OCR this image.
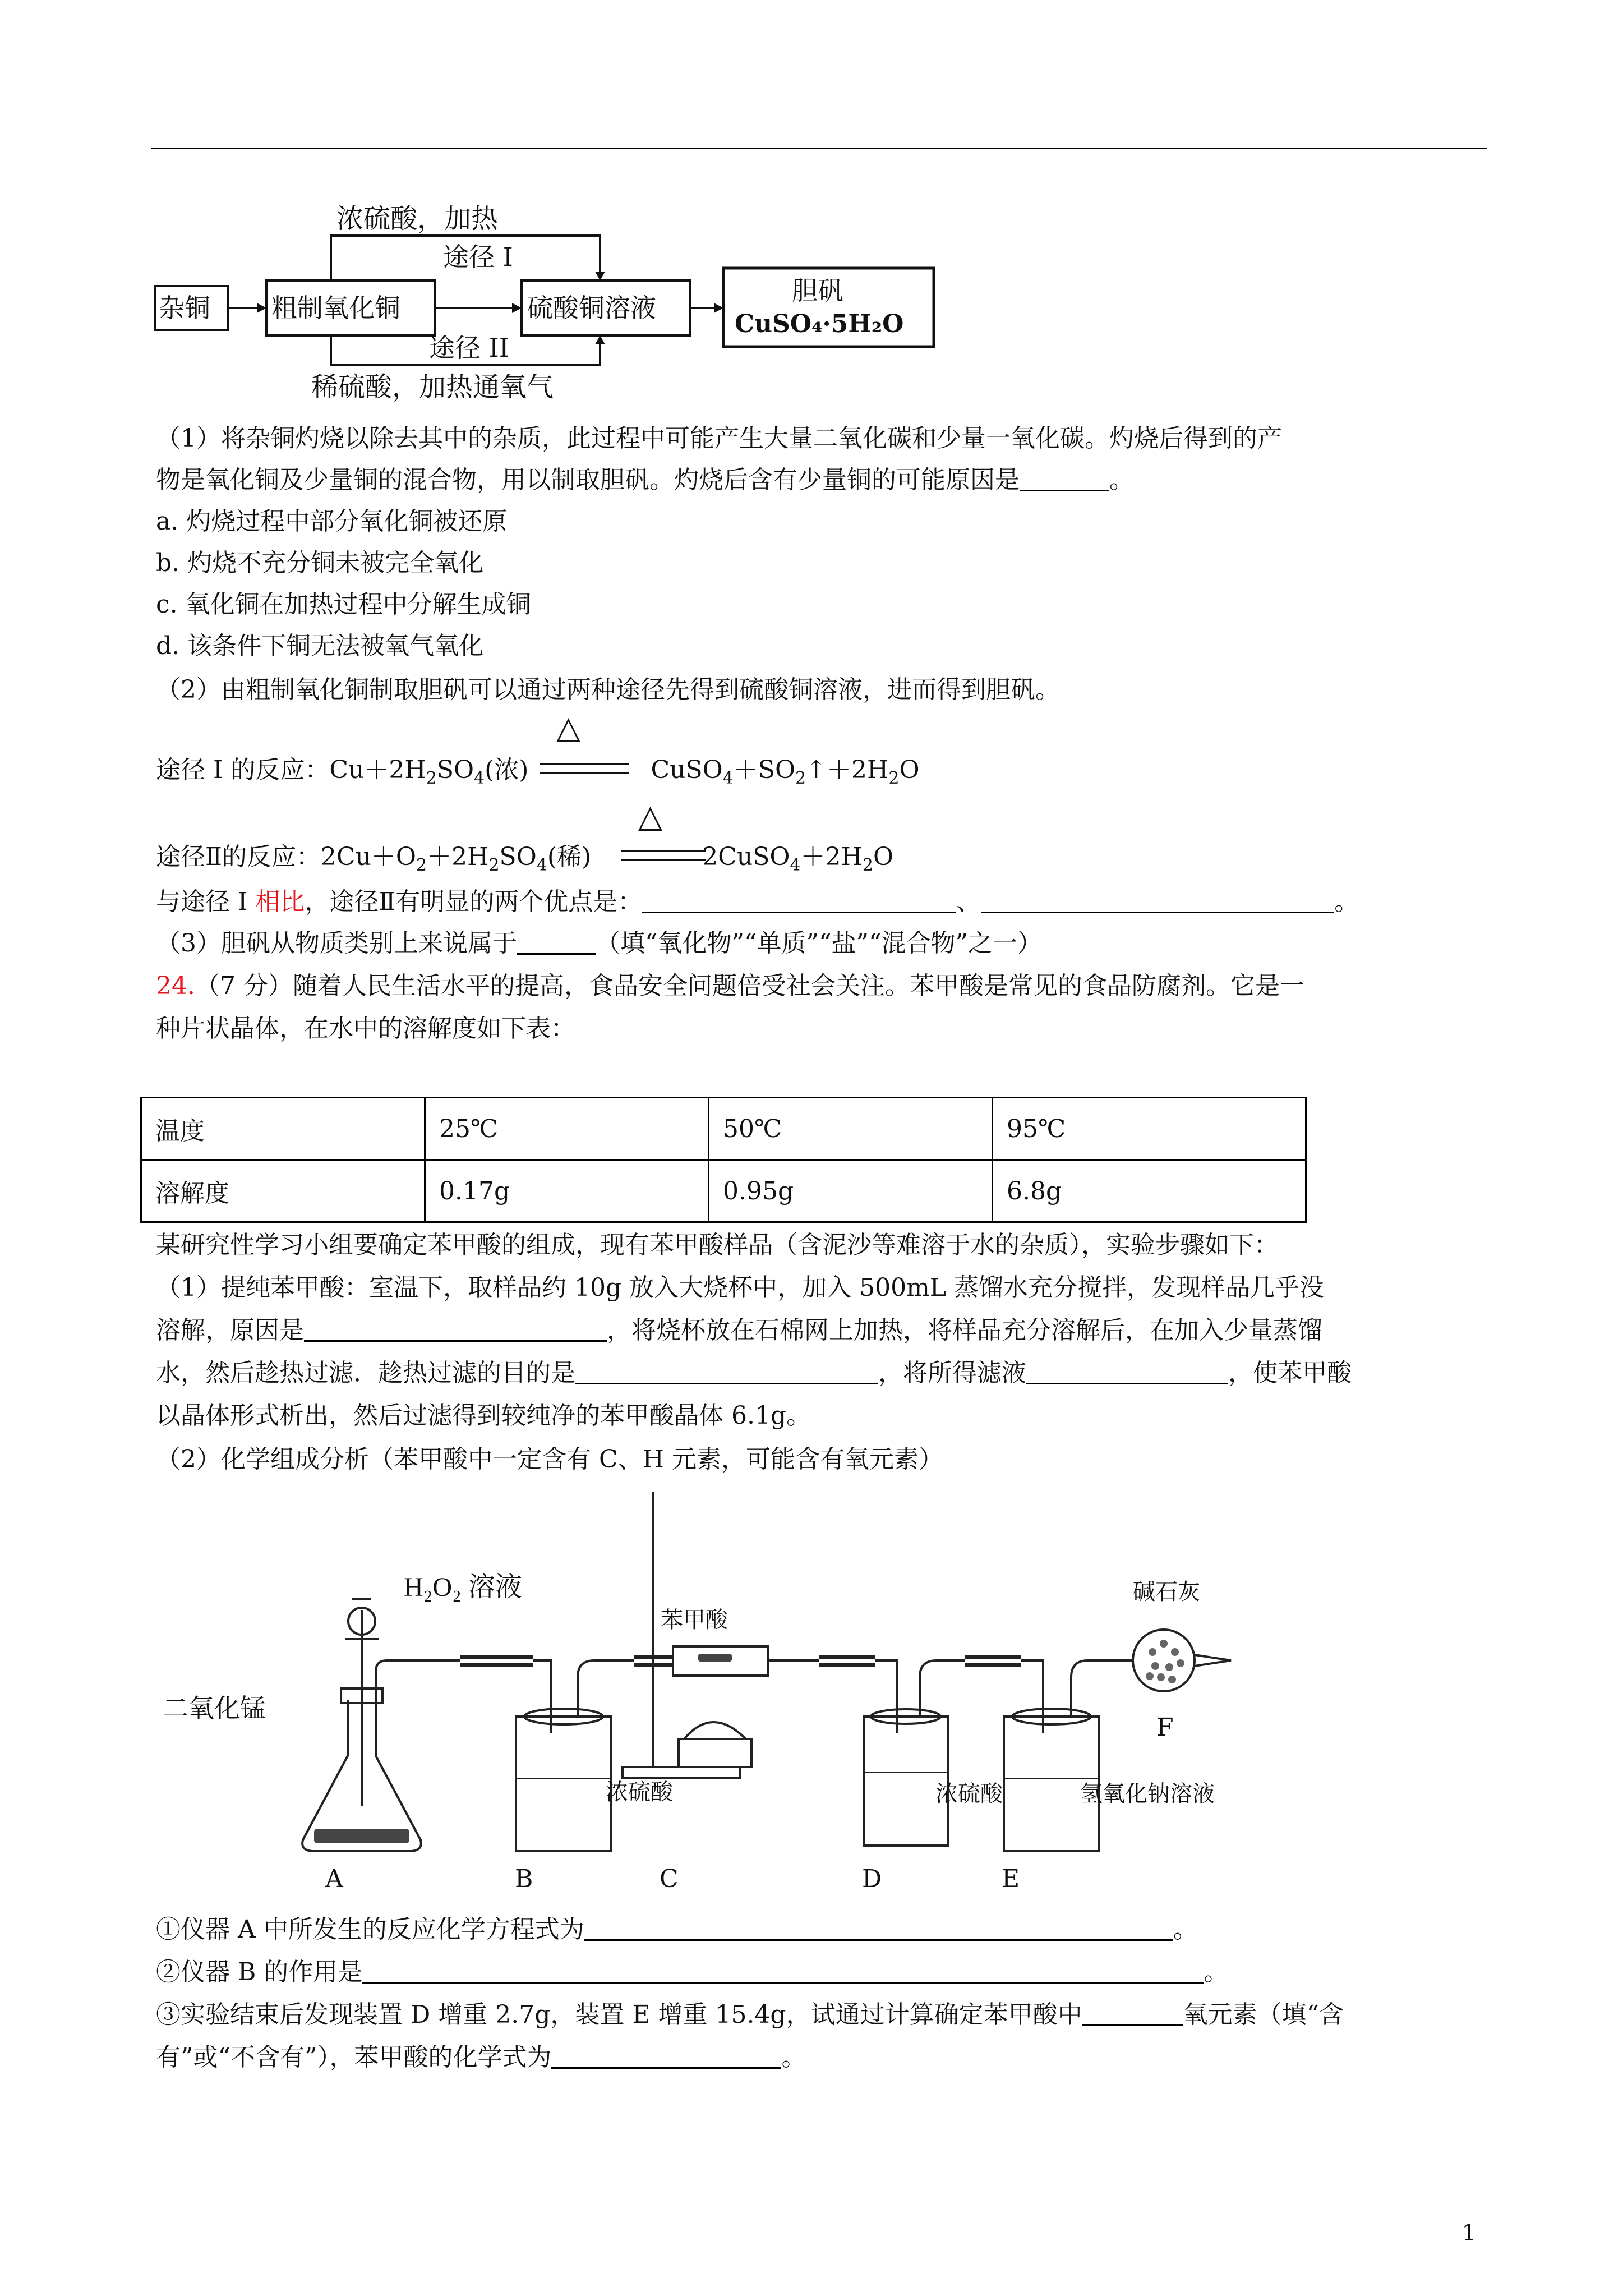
杂铜 粗制氧化铜	硫酸铜溶液
胆矾
CuSO₄·5H₂O
浓硫酸，加热
途径 I
途径 II
稀硫酸，加热通氧气
（1）将杂铜灼烧以除去其中的杂质，此过程中可能产生大量二氧化碳和少量一氧化碳。灼烧后得到的产
物是氧化铜及少量铜的混合物，用以制取胆矾。灼烧后含有少量铜的可能原因是	。
a. 灼烧过程中部分氧化铜被还原
b. 灼烧不充分铜未被完全氧化
c. 氧化铜在加热过程中分解生成铜
d. 该条件下铜无法被氧气氧化
（2）由粗制氧化铜制取胆矾可以通过两种途径先得到硫酸铜溶液，进而得到胆矾。
途径 I 的反应：$Cu+2H_2SO_4$(浓)	$CuSO_4+SO_2↑+2H_2O$
△
途径Ⅱ的反应：$2Cu+O_2+2H_2SO_4$(稀)	$2CuSO_4+2H_2O$
△
与途径 I 相比，途径Ⅱ有明显的两个优点是：	、	。
（3）胆矾从物质类别上来说属于	（填“氧化物”“单质”“盐”“混合物”之一）
24.（7 分）随着人民生活水平的提高，食品安全问题倍受社会关注。苯甲酸是常见的食品防腐剂。它是一
种片状晶体，在水中的溶解度如下表：
温度	25℃	50℃	95℃
溶解度	0.17g	0.95g	6.8g
某研究性学习小组要确定苯甲酸的组成，现有苯甲酸样品（含泥沙等难溶于水的杂质），实验步骤如下：
（1）提纯苯甲酸：室温下，取样品约 10g 放入大烧杯中，加入 500mL 蒸馏水充分搅拌，发现样品几乎没
溶解，原因是	，将烧杯放在石棉网上加热，将样品充分溶解后，在加入少量蒸馏
水，然后趁热过滤．趁热过滤的目的是	，将所得滤液	，使苯甲酸
以晶体形式析出，然后过滤得到较纯净的苯甲酸晶体 6.1g。
（2）化学组成分析（苯甲酸中一定含有 C、H 元素，可能含有氧元素）
H₂O₂ 溶液
二氧化锰
苯甲酸
碱石灰
F
浓硫酸	浓硫酸	氢氧化钠溶液
A	B	C	D	E
①仪器 A 中所发生的反应化学方程式为	。
②仪器 B 的作用是	。
③实验结束后发现装置 D 增重 2.7g，装置 E 增重 15.4g，试通过计算确定苯甲酸中	氧元素（填“含
有”或“不含有”），苯甲酸的化学式为	。
1
